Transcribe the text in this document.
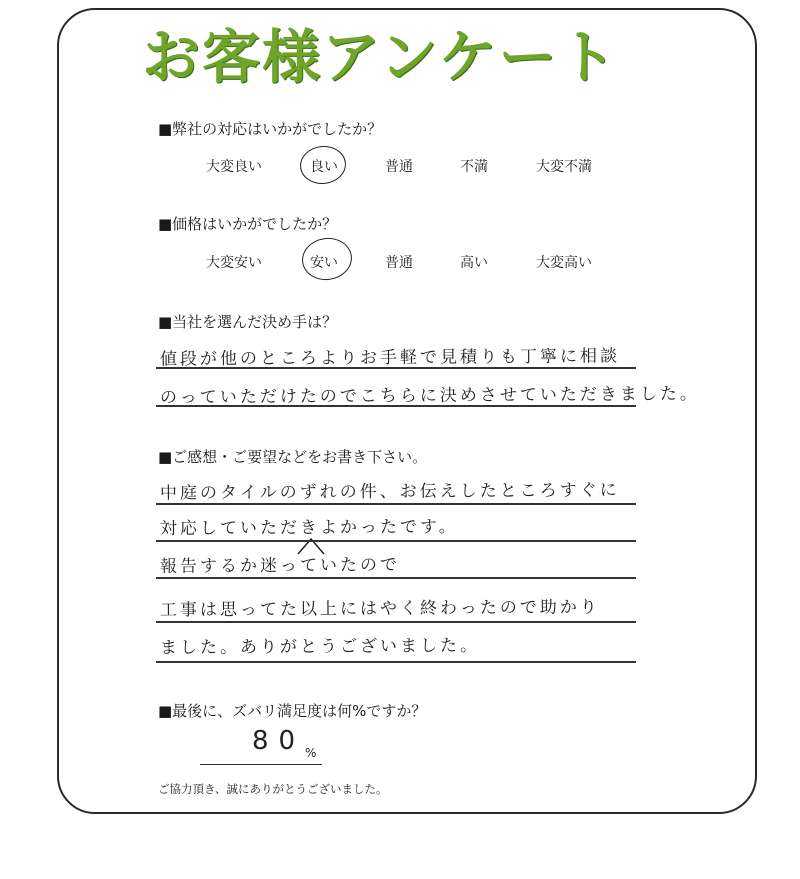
お客様アンケート
■弊社の対応はいかがでしたか？
大変良い	良い	普通	不満	大変不満
■価格はいかがでしたか？
大変安い	安い	普通	高い	大変高い
■当社を選んだ決め手は？
値段が他のところよりお手軽で見積りも丁寧に相談
のっていただけたのでこちらに決めさせていただきました。
■ご感想・ご要望などをお書き下さい。
中庭のタイルのずれの件、お伝えしたところすぐに
対応していただきよかったです。
報告するか迷っていたので
工事は思ってた以上にはやく終わったので助かり
ました。ありがとうございました。
■最後に、ズバリ満足度は何%ですか？
80 %
ご協力頂き、誠にありがとうございました。
